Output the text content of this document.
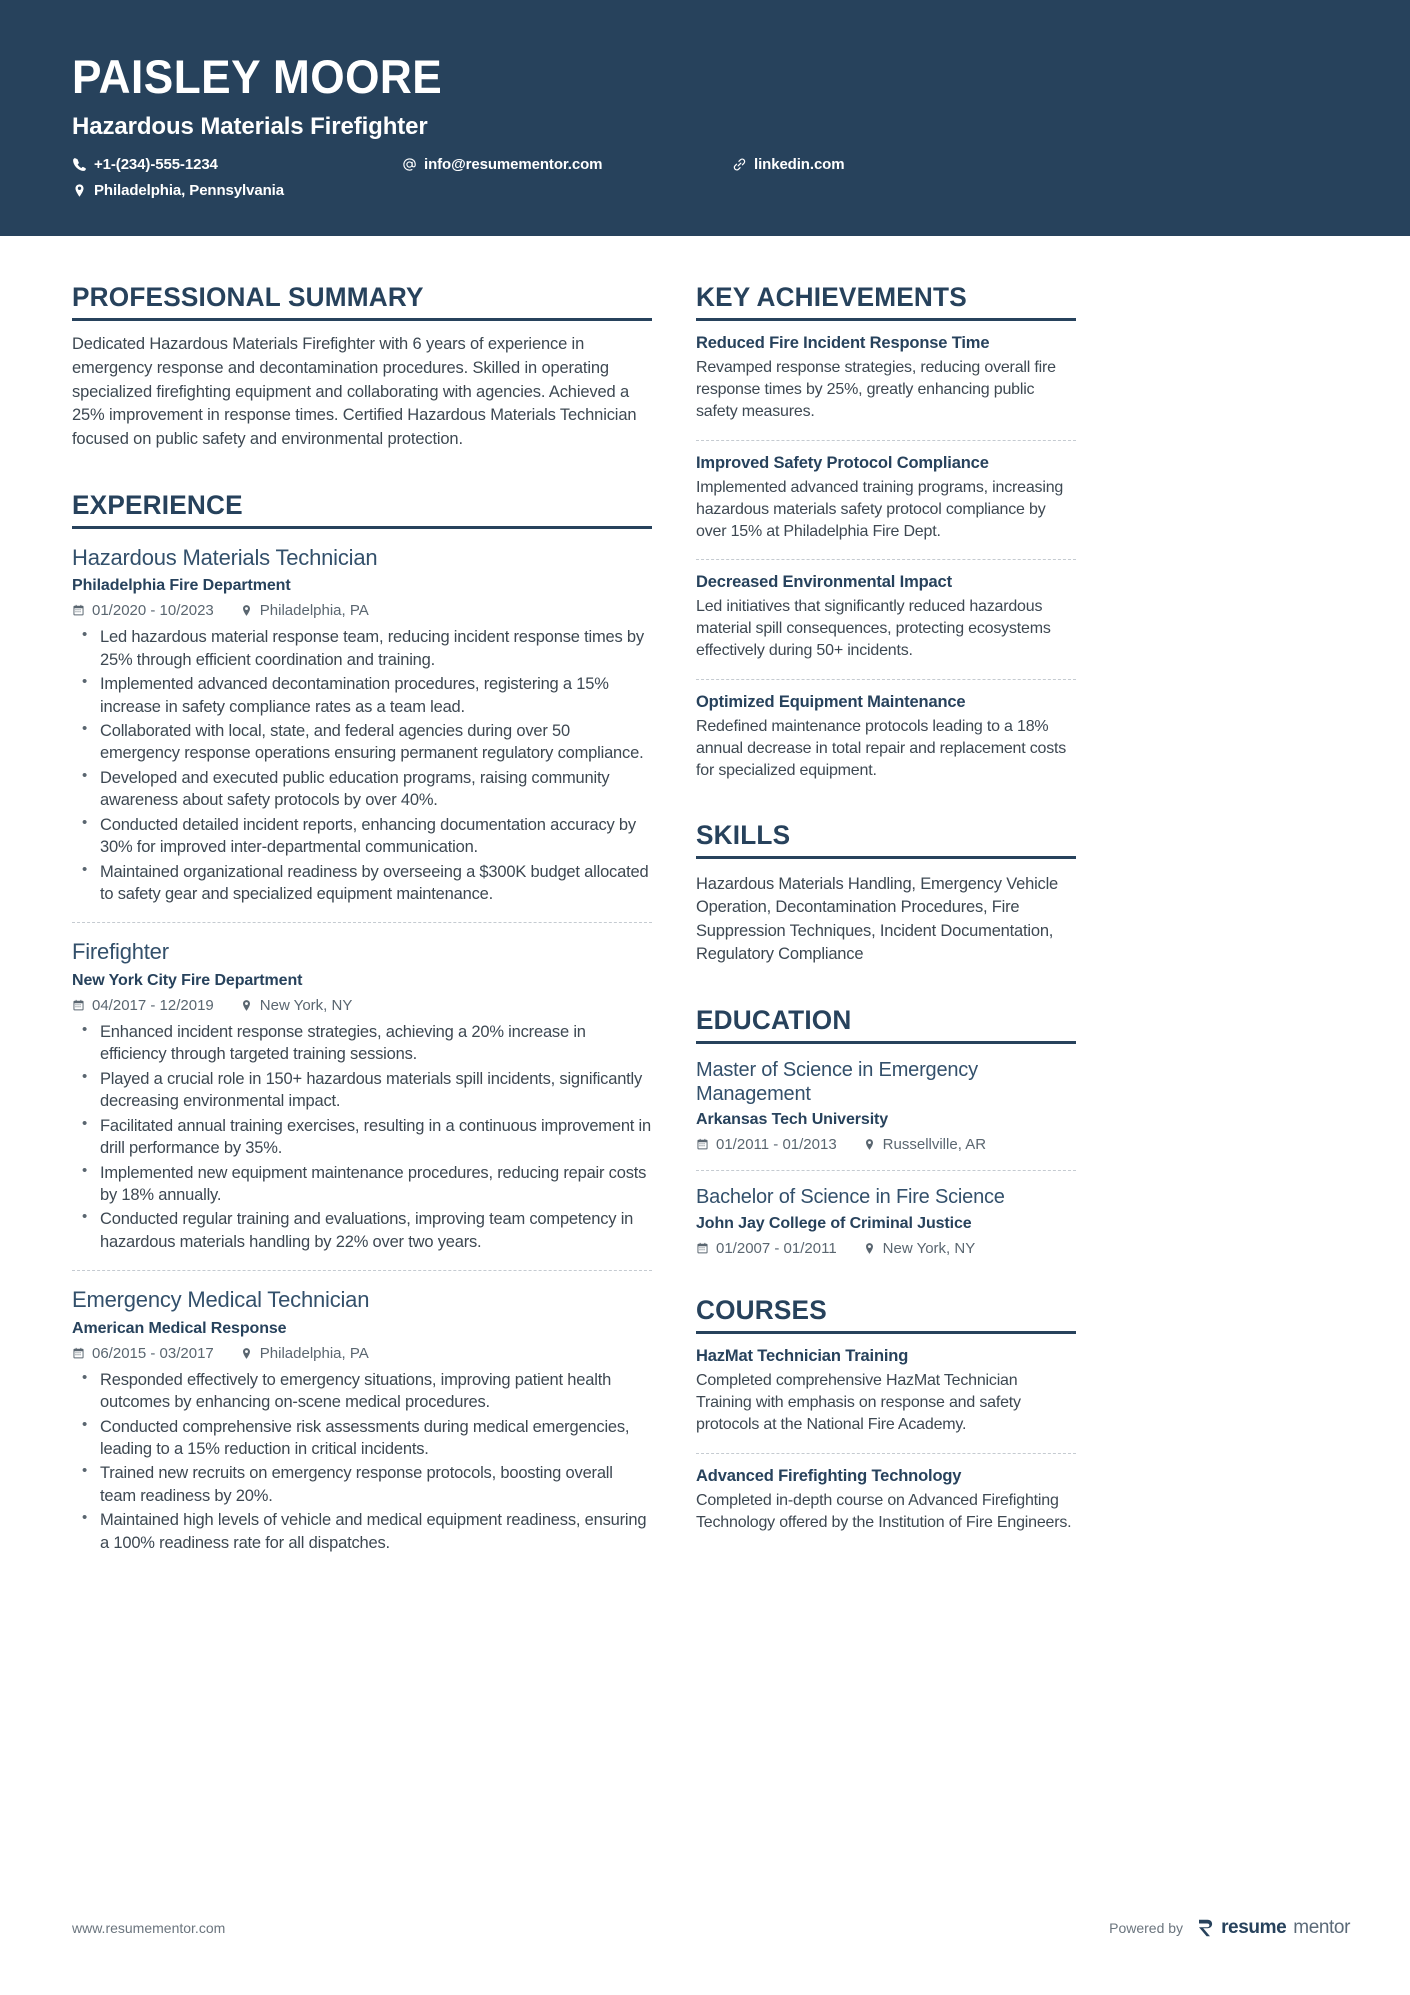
PAISLEY MOORE
Hazardous Materials Firefighter
+1-(234)-555-1234	info@resumementor.com	linkedin.com
Philadelphia, Pennsylvania
PROFESSIONAL SUMMARY
Dedicated Hazardous Materials Firefighter with 6 years of experience in emergency response and decontamination procedures. Skilled in operating specialized firefighting equipment and collaborating with agencies. Achieved a 25% improvement in response times. Certified Hazardous Materials Technician focused on public safety and environmental protection.
EXPERIENCE
Hazardous Materials Technician
Philadelphia Fire Department
01/2020 - 10/2023	Philadelphia, PA
• Led hazardous material response team, reducing incident response times by 25% through efficient coordination and training.
• Implemented advanced decontamination procedures, registering a 15% increase in safety compliance rates as a team lead.
• Collaborated with local, state, and federal agencies during over 50 emergency response operations ensuring permanent regulatory compliance.
• Developed and executed public education programs, raising community awareness about safety protocols by over 40%.
• Conducted detailed incident reports, enhancing documentation accuracy by 30% for improved inter-departmental communication.
• Maintained organizational readiness by overseeing a $300K budget allocated to safety gear and specialized equipment maintenance.
Firefighter
New York City Fire Department
04/2017 - 12/2019	New York, NY
• Enhanced incident response strategies, achieving a 20% increase in efficiency through targeted training sessions.
• Played a crucial role in 150+ hazardous materials spill incidents, significantly decreasing environmental impact.
• Facilitated annual training exercises, resulting in a continuous improvement in drill performance by 35%.
• Implemented new equipment maintenance procedures, reducing repair costs by 18% annually.
• Conducted regular training and evaluations, improving team competency in hazardous materials handling by 22% over two years.
Emergency Medical Technician
American Medical Response
06/2015 - 03/2017	Philadelphia, PA
• Responded effectively to emergency situations, improving patient health outcomes by enhancing on-scene medical procedures.
• Conducted comprehensive risk assessments during medical emergencies, leading to a 15% reduction in critical incidents.
• Trained new recruits on emergency response protocols, boosting overall team readiness by 20%.
• Maintained high levels of vehicle and medical equipment readiness, ensuring a 100% readiness rate for all dispatches.
KEY ACHIEVEMENTS
Reduced Fire Incident Response Time
Revamped response strategies, reducing overall fire response times by 25%, greatly enhancing public safety measures.
Improved Safety Protocol Compliance
Implemented advanced training programs, increasing hazardous materials safety protocol compliance by over 15% at Philadelphia Fire Dept.
Decreased Environmental Impact
Led initiatives that significantly reduced hazardous material spill consequences, protecting ecosystems effectively during 50+ incidents.
Optimized Equipment Maintenance
Redefined maintenance protocols leading to a 18% annual decrease in total repair and replacement costs for specialized equipment.
SKILLS
Hazardous Materials Handling, Emergency Vehicle Operation, Decontamination Procedures, Fire Suppression Techniques, Incident Documentation, Regulatory Compliance
EDUCATION
Master of Science in Emergency Management
Arkansas Tech University
01/2011 - 01/2013	Russellville, AR
Bachelor of Science in Fire Science
John Jay College of Criminal Justice
01/2007 - 01/2011	New York, NY
COURSES
HazMat Technician Training
Completed comprehensive HazMat Technician Training with emphasis on response and safety protocols at the National Fire Academy.
Advanced Firefighting Technology
Completed in-depth course on Advanced Firefighting Technology offered by the Institution of Fire Engineers.
www.resumementor.com	Powered by resume mentor
